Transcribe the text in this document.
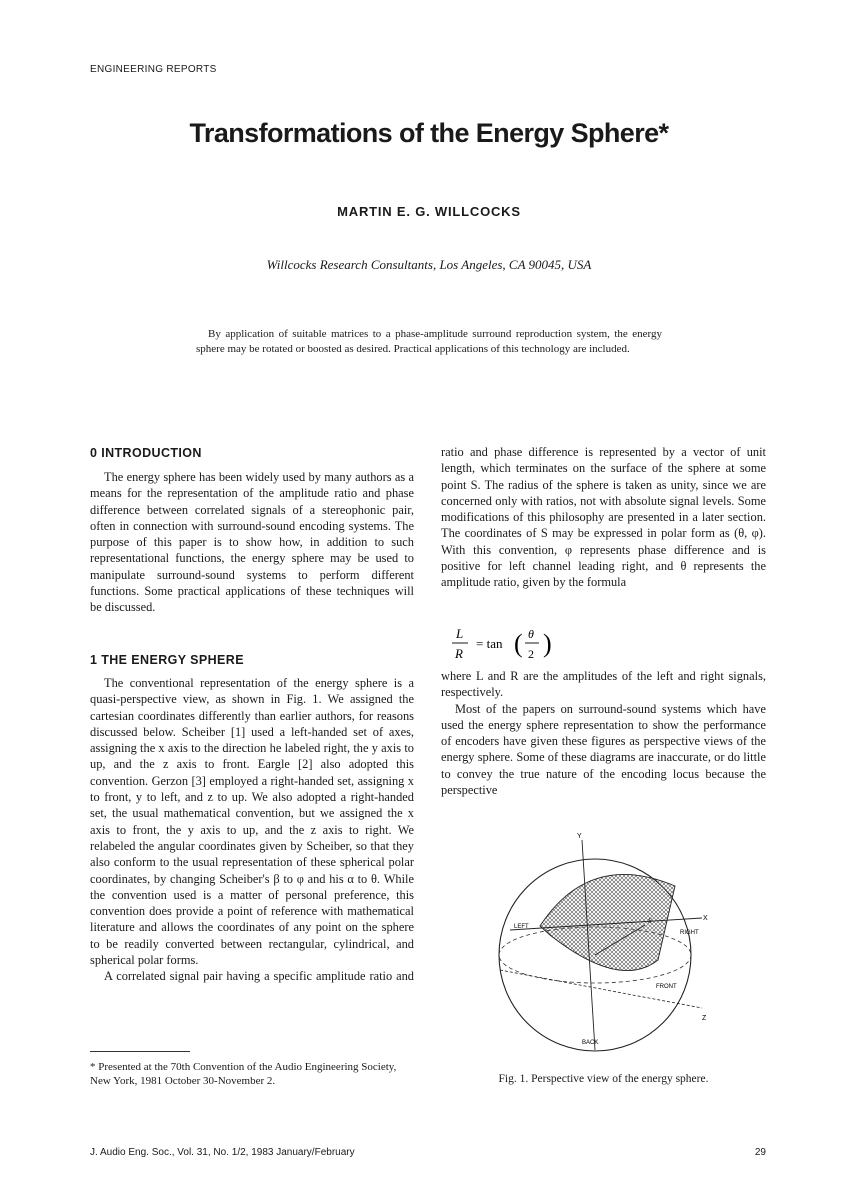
ENGINEERING REPORTS
Transformations of the Energy Sphere*
MARTIN E. G. WILLCOCKS
Willcocks Research Consultants, Los Angeles, CA 90045, USA
By application of suitable matrices to a phase-amplitude surround reproduction system, the energy sphere may be rotated or boosted as desired. Practical applications of this technology are included.
0 INTRODUCTION

The energy sphere has been widely used by many authors as a means for the representation of the amplitude ratio and phase difference between correlated signals of a stereophonic pair, often in connection with surround-sound encoding systems. The purpose of this paper is to show how, in addition to such representational functions, the energy sphere may be used to manipulate surround-sound systems to perform different functions. Some practical applications of these techniques will be discussed.

1 THE ENERGY SPHERE

The conventional representation of the energy sphere is a quasi-perspective view, as shown in Fig. 1. We assigned the cartesian coordinates differently than earlier authors, for reasons discussed below. Scheiber [1] used a left-handed set of axes, assigning the x axis to the direction he labeled right, the y axis to up, and the z axis to front. Eargle [2] also adopted this convention. Gerzon [3] employed a right-handed set, assigning x to front, y to left, and z to up. We also adopted a right-handed set, the usual mathematical convention, but we assigned the x axis to front, the y axis to up, and the z axis to right. We relabeled the angular coordinates given by Scheiber, so that they also conform to the usual representation of these spherical polar coordinates, by changing Scheiber's β to φ and his α to θ. While the convention used is a matter of personal preference, this convention does provide a point of reference with mathematical literature and allows the coordinates of any point on the sphere to be readily converted between rectangular, cylindrical, and spherical polar forms.

A correlated signal pair having a specific amplitude ratio and

ratio and phase difference is represented by a vector of unit length, which terminates on the surface of the sphere at some point S. The radius of the sphere is taken as unity, since we are concerned only with ratios, not with absolute signal levels. Some modifications of this philosophy are presented in a later section. The coordinates of S may be expressed in polar form as (θ, φ). With this convention, φ represents phase difference and is positive for left channel leading right, and θ represents the amplitude ratio, given by the formula

L
R
= tan ( θ
2 )

where L and R are the amplitudes of the left and right signals, respectively.

Most of the papers on surround-sound systems which have used the energy sphere representation to show the performance of encoders have given these figures as perspective views of the energy sphere. Some of these diagrams are inaccurate, or do little to convey the true nature of the encoding locus because the perspective

Y
X
Z
LEFT
RIGHT
BACK
FRONT
S
Fig. 1. Perspective view of the energy sphere.
* Presented at the 70th Convention of the Audio Engineering Society, New York, 1981 October 30-November 2.
J. Audio Eng. Soc., Vol. 31, No. 1/2, 1983 January/February	29
